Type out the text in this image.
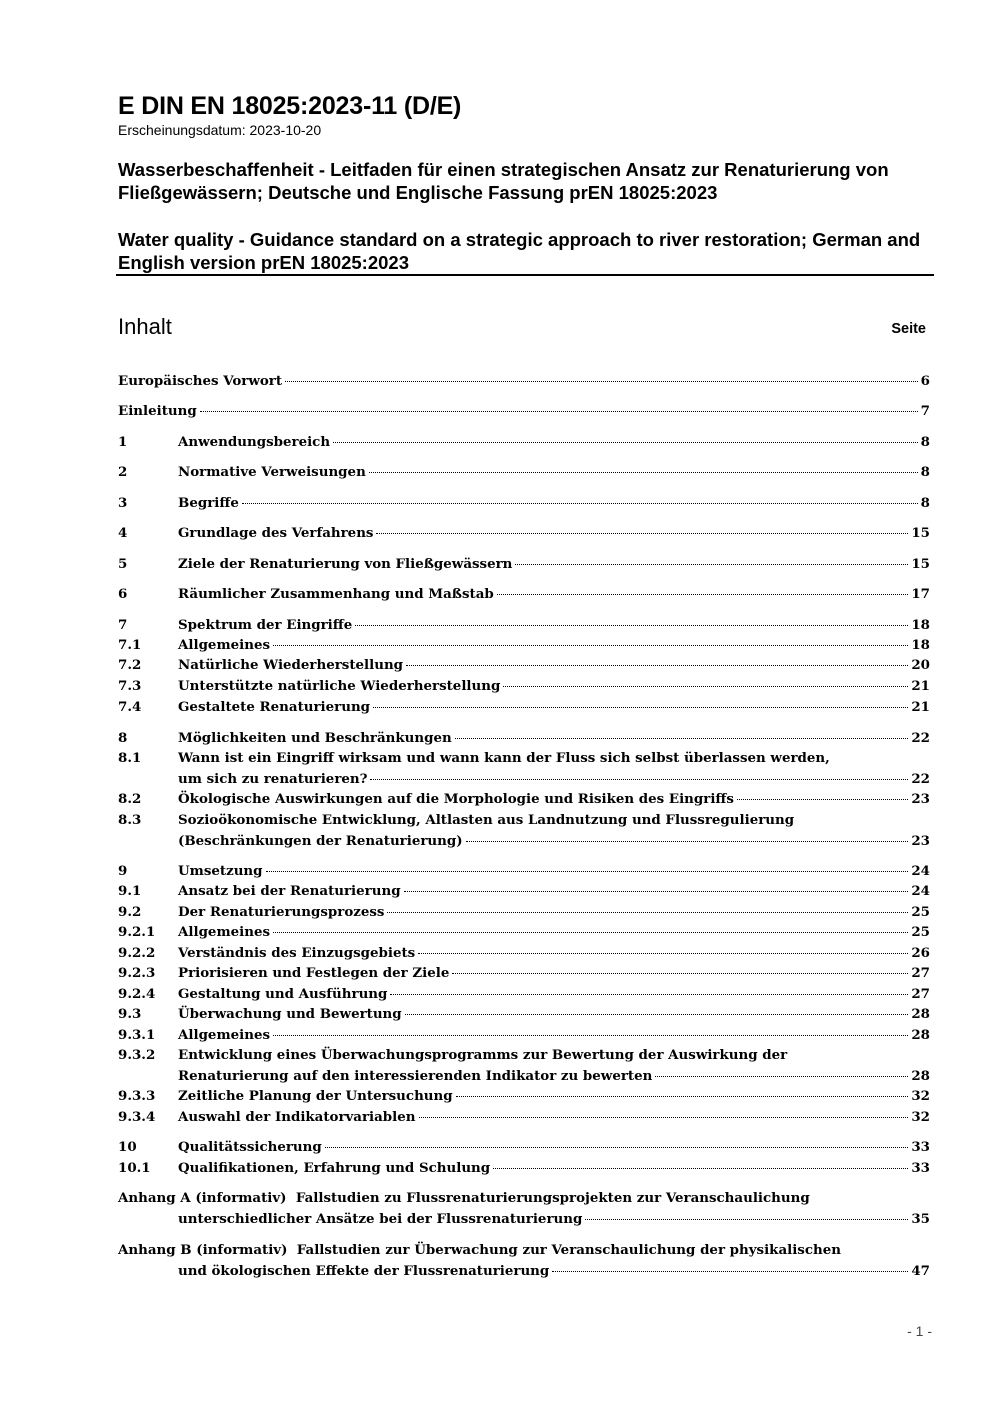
E DIN EN 18025:2023-11 (D/E)
Erscheinungsdatum: 2023-10-20
Wasserbeschaffenheit - Leitfaden für einen strategischen Ansatz zur Renaturierung von Fließgewässern; Deutsche und Englische Fassung prEN 18025:2023
Water quality - Guidance standard on a strategic approach to river restoration; German and English version prEN 18025:2023
Inhalt	Seite
Europäisches Vorwort	6
Einleitung	7
1	Anwendungsbereich	8
2	Normative Verweisungen	8
3	Begriffe	8
4	Grundlage des Verfahrens	15
5	Ziele der Renaturierung von Fließgewässern	15
6	Räumlicher Zusammenhang und Maßstab	17
7	Spektrum der Eingriffe	18
7.1	Allgemeines	18
7.2	Natürliche Wiederherstellung	20
7.3	Unterstützte natürliche Wiederherstellung	21
7.4	Gestaltete Renaturierung	21
8	Möglichkeiten und Beschränkungen	22
8.1	Wann ist ein Eingriff wirksam und wann kann der Fluss sich selbst überlassen werden,
um sich zu renaturieren?	22
8.2	Ökologische Auswirkungen auf die Morphologie und Risiken des Eingriffs	23
8.3	Sozioökonomische Entwicklung, Altlasten aus Landnutzung und Flussregulierung
(Beschränkungen der Renaturierung)	23
9	Umsetzung	24
9.1	Ansatz bei der Renaturierung	24
9.2	Der Renaturierungsprozess	25
9.2.1 Allgemeines	25
9.2.2 Verständnis des Einzugsgebiets	26
9.2.3 Priorisieren und Festlegen der Ziele	27
9.2.4 Gestaltung und Ausführung	27
9.3	Überwachung und Bewertung	28
9.3.1 Allgemeines	28
9.3.2 Entwicklung eines Überwachungsprogramms zur Bewertung der Auswirkung der
Renaturierung auf den interessierenden Indikator zu bewerten	28
9.3.3 Zeitliche Planung der Untersuchung	32
9.3.4 Auswahl der Indikatorvariablen	32
10	Qualitätssicherung	33
10.1 Qualifikationen, Erfahrung und Schulung	33
Anhang A (informativ) Fallstudien zu Flussrenaturierungsprojekten zur Veranschaulichung
unterschiedlicher Ansätze bei der Flussrenaturierung	35
Anhang B (informativ) Fallstudien zur Überwachung zur Veranschaulichung der physikalischen
und ökologischen Effekte der Flussrenaturierung	47
- 1 -
